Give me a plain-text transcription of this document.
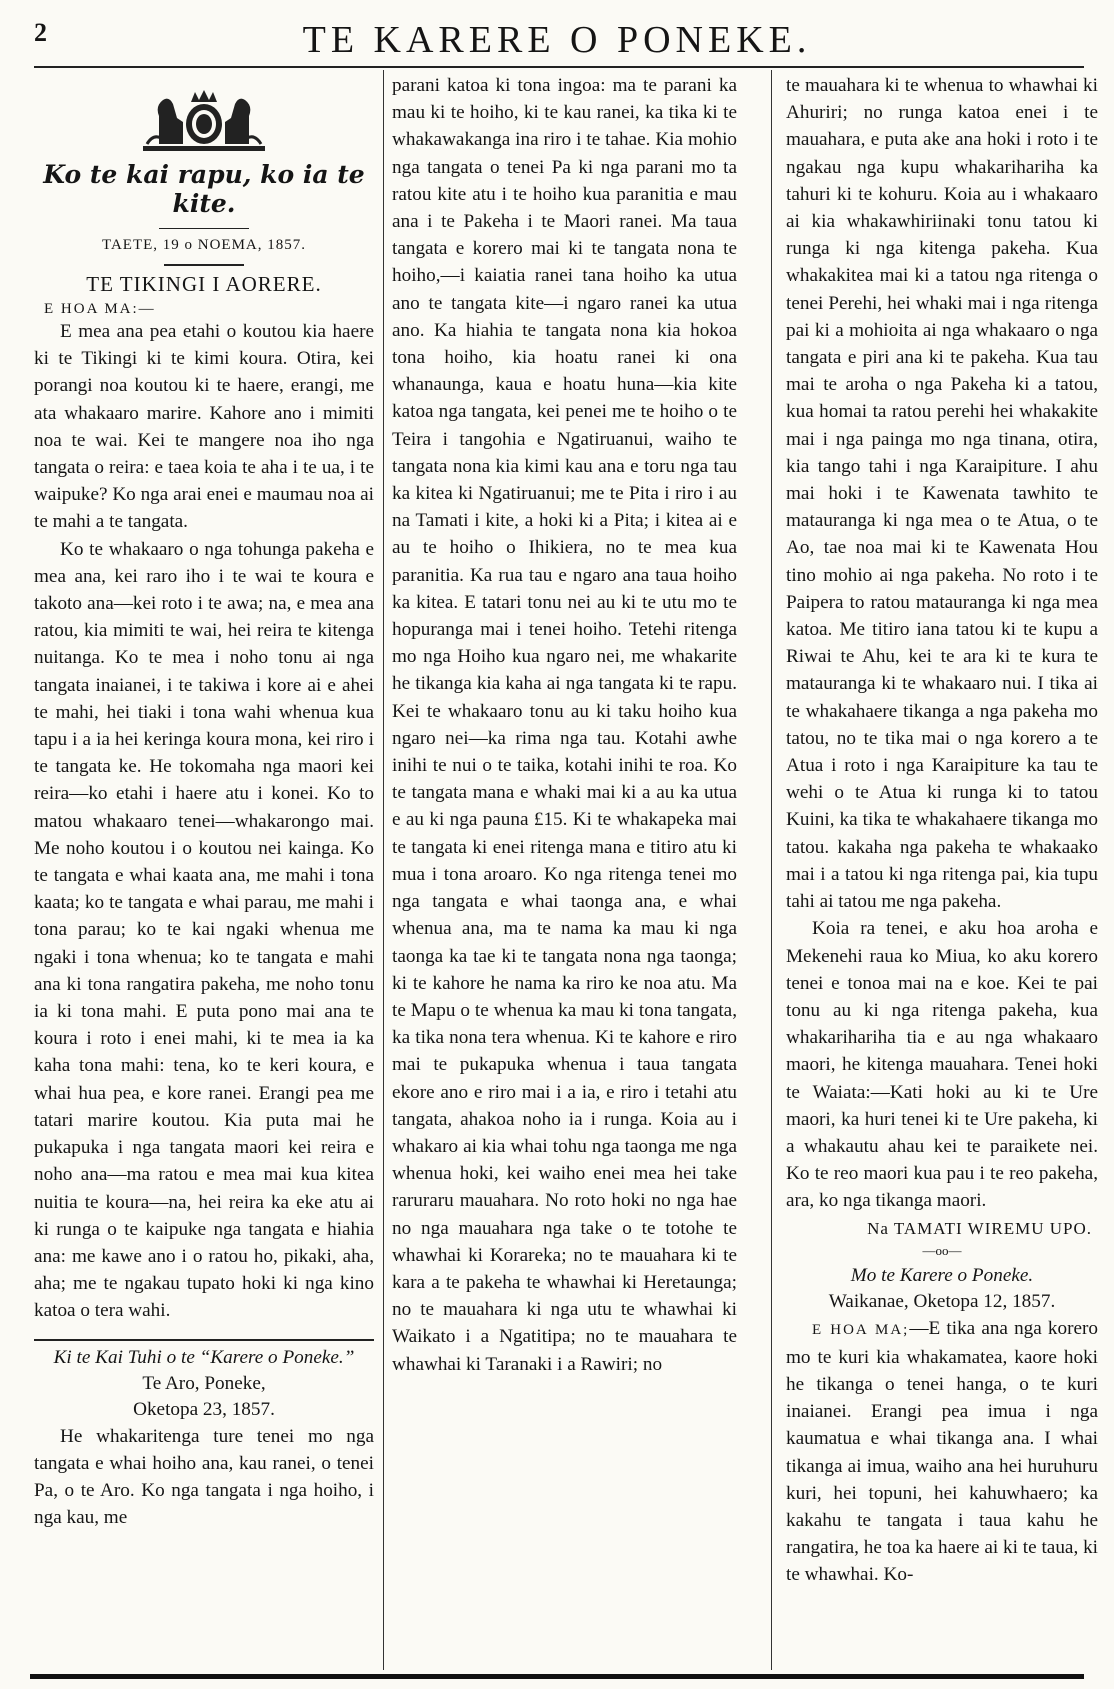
2	TE KARERE O PONEKE.
Ko te kai rapu, ko ia te kite.
TAETE, 19 o NOEMA, 1857.
TE TIKINGI I AORERE.
E HOA MA:—

E mea ana pea etahi o koutou kia haere ki te Tikingi ki te kimi koura. Otira, kei porangi noa koutou ki te haere, erangi, me ata whakaaro marire. Kahore ano i mimiti noa te wai. Kei te mangere noa iho nga tangata o reira: e taea koia te aha i te ua, i te waipuke? Ko nga arai enei e maumau noa ai te mahi a te tangata.

Ko te whakaaro o nga tohunga pakeha e mea ana, kei raro iho i te wai te koura e takoto ana—kei roto i te awa; na, e mea ana ratou, kia mimiti te wai, hei reira te kitenga nuitanga. Ko te mea i noho tonu ai nga tangata inaianei, i te takiwa i kore ai e ahei te mahi, hei tiaki i tona wahi whenua kua tapu i a ia hei keringa koura mona, kei riro i te tangata ke. He tokomaha nga maori kei reira—ko etahi i haere atu i konei. Ko to matou whakaaro tenei—whakarongo mai. Me noho koutou i o koutou nei kainga. Ko te tangata e whai kaata ana, me mahi i tona kaata; ko te tangata e whai parau, me mahi i tona parau; ko te kai ngaki whenua me ngaki i tona whenua; ko te tangata e mahi ana ki tona rangatira pakeha, me noho tonu ia ki tona mahi. E puta pono mai ana te koura i roto i enei mahi, ki te mea ia ka kaha tona mahi: tena, ko te keri koura, e whai hua pea, e kore ranei. Erangi pea me tatari marire koutou. Kia puta mai he pukapuka i nga tangata maori kei reira e noho ana—ma ratou e mea mai kua kitea nuitia te koura—na, hei reira ka eke atu ai ki runga o te kaipuke nga tangata e hiahia ana: me kawe ano i o ratou ho, pikaki, aha, aha; me te ngakau tupato hoki ki nga kino katoa o tera wahi.

Ki te Kai Tuhi o te “Karere o Poneke.”
Te Aro, Poneke,
Oketopa 23, 1857.

He whakaritenga ture tenei mo nga tangata e whai hoiho ana, kau ranei, o tenei Pa, o te Aro. Ko nga tangata i nga hoiho, i nga kau, me

parani katoa ki tona ingoa: ma te parani ka mau ki te hoiho, ki te kau ranei, ka tika ki te whakawakanga ina riro i te tahae. Kia mohio nga tangata o tenei Pa ki nga parani mo ta ratou kite atu i te hoiho kua paranitia e mau ana i te Pakeha i te Maori ranei. Ma taua tangata e korero mai ki te tangata nona te hoiho,—i kaiatia ranei tana hoiho ka utua ano te tangata kite—i ngaro ranei ka utua ano. Ka hiahia te tangata nona kia hokoa tona hoiho, kia hoatu ranei ki ona whanaunga, kaua e hoatu huna—kia kite katoa nga tangata, kei penei me te hoiho o te Teira i tangohia e Ngatiruanui, waiho te tangata nona kia kimi kau ana e toru nga tau ka kitea ki Ngatiruanui; me te Pita i riro i au na Tamati i kite, a hoki ki a Pita; i kitea ai e au te hoiho o Ihikiera, no te mea kua paranitia. Ka rua tau e ngaro ana taua hoiho ka kitea. E tatari tonu nei au ki te utu mo te hopuranga mai i tenei hoiho. Tetehi ritenga mo nga Hoiho kua ngaro nei, me whakarite he tikanga kia kaha ai nga tangata ki te rapu. Kei te whakaaro tonu au ki taku hoiho kua ngaro nei—ka rima nga tau. Kotahi awhe inihi te nui o te taika, kotahi inihi te roa. Ko te tangata mana e whaki mai ki a au ka utua e au ki nga pauna £15. Ki te whakapeka mai te tangata ki enei ritenga mana e titiro atu ki mua i tona aroaro. Ko nga ritenga tenei mo nga tangata e whai taonga ana, e whai whenua ana, ma te nama ka mau ki nga taonga ka tae ki te tangata nona nga taonga; ki te kahore he nama ka riro ke noa atu. Ma te Mapu o te whenua ka mau ki tona tangata, ka tika nona tera whenua. Ki te kahore e riro mai te pukapuka whenua i taua tangata ekore ano e riro mai i a ia, e riro i tetahi atu tangata, ahakoa noho ia i runga. Koia au i whakaro ai kia whai tohu nga taonga me nga whenua hoki, kei waiho enei mea hei take raruraru mauahara. No roto hoki no nga hae no nga mauahara nga take o te totohe te whawhai ki Korareka; no te mauahara ki te kara a te pakeha te whawhai ki Heretaunga; no te mauahara ki nga utu te whawhai ki Waikato i a Ngatitipa; no te mauahara te whawhai ki Taranaki i a Rawiri; no

te mauahara ki te whenua to whawhai ki Ahuriri; no runga katoa enei i te mauahara, e puta ake ana hoki i roto i te ngakau nga kupu whakarihariha ka tahuri ki te kohuru. Koia au i whakaaro ai kia whakawhiriinaki tonu tatou ki runga ki nga kitenga pakeha. Kua whakakitea mai ki a tatou nga ritenga o tenei Perehi, hei whaki mai i nga ritenga pai ki a mohioita ai nga whakaaro o nga tangata e piri ana ki te pakeha. Kua tau mai te aroha o nga Pakeha ki a tatou, kua homai ta ratou perehi hei whakakite mai i nga painga mo nga tinana, otira, kia tango tahi i nga Karaipiture. I ahu mai hoki i te Kawenata tawhito te matauranga ki nga mea o te Atua, o te Ao, tae noa mai ki te Kawenata Hou tino mohio ai nga pakeha. No roto i te Paipera to ratou matauranga ki nga mea katoa. Me titiro iana tatou ki te kupu a Riwai te Ahu, kei te ara ki te kura te matauranga ki te whakaaro nui. I tika ai te whakahaere tikanga a nga pakeha mo tatou, no te tika mai o nga korero a te Atua i roto i nga Karaipiture ka tau te wehi o te Atua ki runga ki to tatou Kuini, ka tika te whakahaere tikanga mo tatou. kakaha nga pakeha te whakaako mai i a tatou ki nga ritenga pai, kia tupu tahi ai tatou me nga pakeha.

Koia ra tenei, e aku hoa aroha e Mekenehi raua ko Miua, ko aku korero tenei e tonoa mai na e koe. Kei te pai tonu au ki nga ritenga pakeha, kua whakarihariha tia e au nga whakaaro maori, he kitenga mauahara. Tenei hoki te Waiata:—Kati hoki au ki te Ure maori, ka huri tenei ki te Ure pakeha, ki a whakautu ahau kei te paraikete nei. Ko te reo maori kua pau i te reo pakeha, ara, ko nga tikanga maori.

Na TAMATI WIREMU UPO.
—oo—
Mo te Karere o Poneke.
Waikanae, Oketopa 12, 1857.

E HOA MA;—E tika ana nga korero mo te kuri kia whakamatea, kaore hoki he tikanga o tenei hanga, o te kuri inaianei. Erangi pea imua i nga kaumatua e whai tikanga ana. I whai tikanga ai imua, waiho ana hei huruhuru kuri, hei topuni, hei kahuwhaero; ka kakahu te tangata i taua kahu he rangatira, he toa ka haere ai ki te taua, ki te whawhai. Ko-
